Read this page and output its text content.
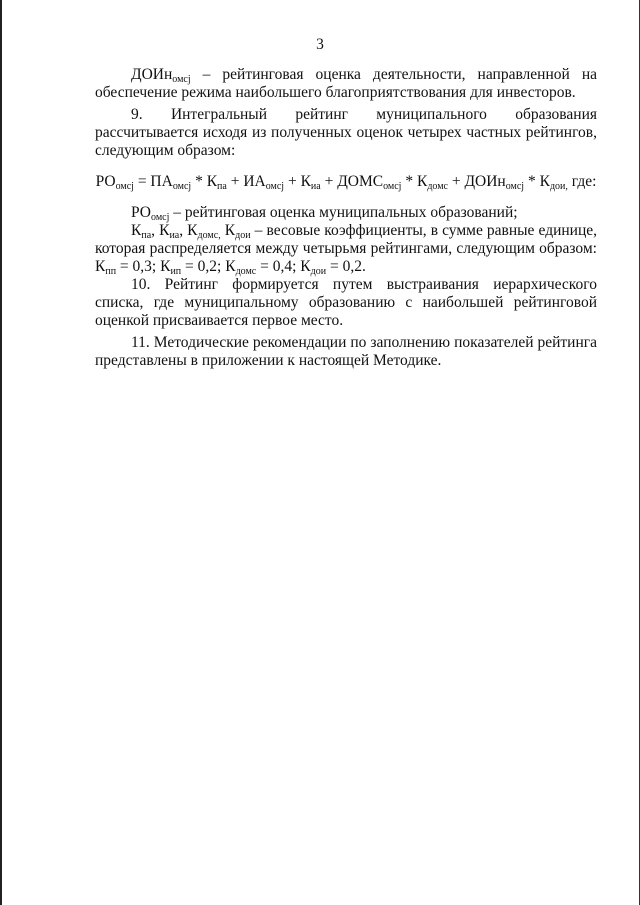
3

ДОИн$_{омсj}$ – рейтинговая оценка деятельности, направленной на обеспечение режима наибольшего благоприятствования для инвесторов.

9. Интегральный рейтинг муниципального образования рассчитывается исходя из полученных оценок четырех частных рейтингов, следующим образом:

$РО_{омсj} = ПА_{омсj} * К_{па} + ИА_{омсj} + К_{иа}$ + $ДОМС_{омсj} * К_{домс}$ + ДОИн$_{омсj}$ * $К_{дои,}$ где:

$РО_{омсj}$ – рейтинговая оценка муниципальных образований;

$К_{па}$, $К_{иа}$, $К_{домс,}$ $К_{дои}$ – весовые коэффициенты, в сумме равные единице, которая распределяется между четырьмя рейтингами, следующим образом: $К_{пп} = 0,3$; $К_{ип} = 0,2$; $К_{домс} = 0,4$; $К_{дои} = 0,2$.

10. Рейтинг формируется путем выстраивания иерархического списка, где муниципальному образованию с наибольшей рейтинговой оценкой присваивается первое место.

11. Методические рекомендации по заполнению показателей рейтинга представлены в приложении к настоящей Методике.
